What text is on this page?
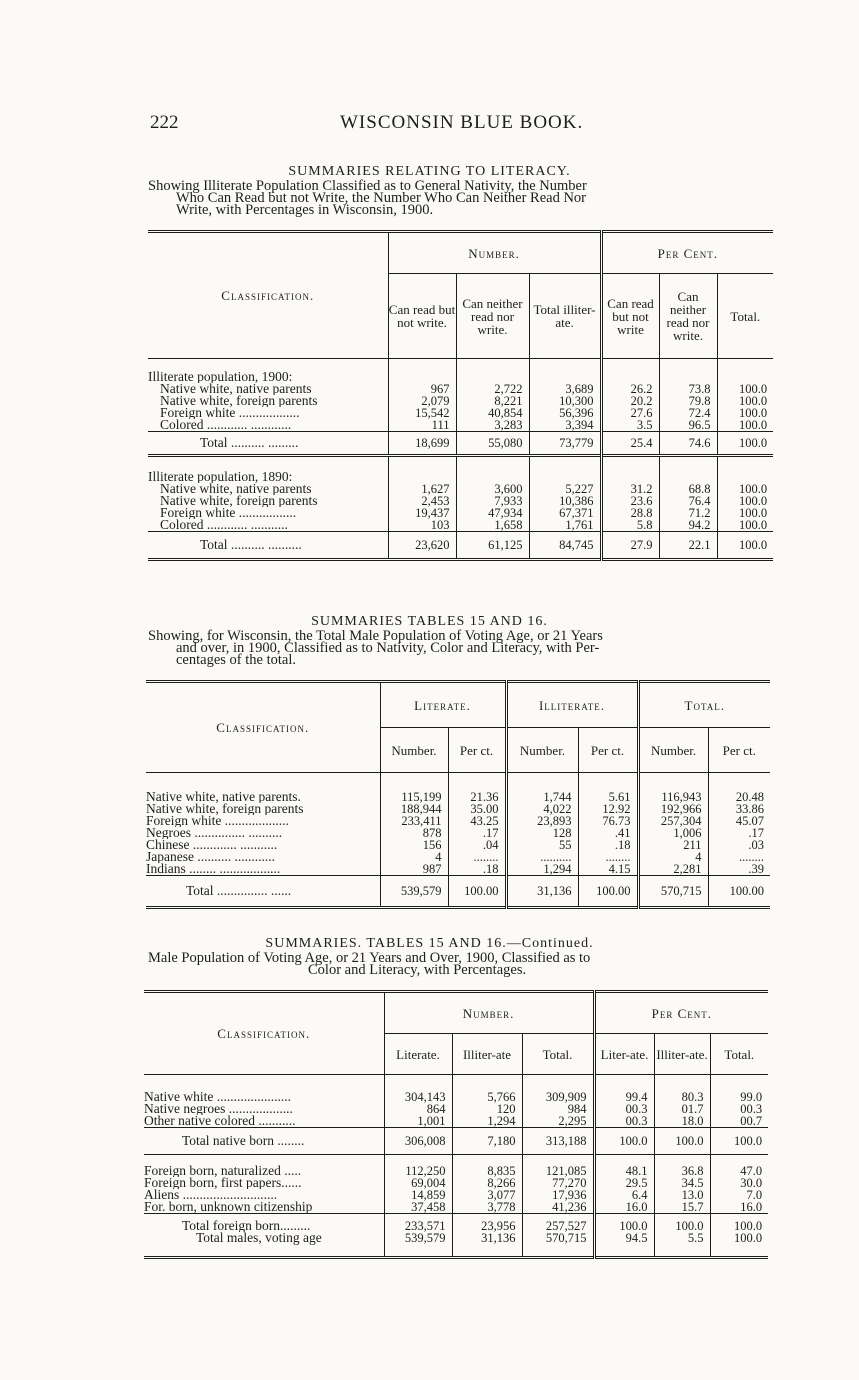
222	WISCONSIN BLUE BOOK.
SUMMARIES RELATING TO LITERACY.
Showing Illiterate Population Classified as to General Nativity, the Number
Who Can Read but not Write, the Number Who Can Neither Read Nor
Write, with Percentages in Wisconsin, 1900.
Classification.	Number.			Per Cent.		
	Can read but not write.	Can neither read nor write.	Total illiter-ate.	Can read but not write	Can neither read nor write.	Total.
Illiterate population, 1900:						
Native white, native parents	967	2,722	3,689	26.2	73.8	100.0
Native white, foreign parents	2,079	8,221	10,300	20.2	79.8	100.0
Foreign white ..................	15,542	40,854	56,396	27.6	72.4	100.0
Colored ............ ............	111	3,283	3,394	3.5	96.5	100.0
Total .......... .........	18,699	55,080	73,779	25.4	74.6	100.0
Illiterate population, 1890:						
Native white, native parents	1,627	3,600	5,227	31.2	68.8	100.0
Native white, foreign parents	2,453	7,933	10,386	23.6	76.4	100.0
Foreign white .................	19,437	47,934	67,371	28.8	71.2	100.0
Colored ............ ...........	103	1,658	1,761	5.8	94.2	100.0
Total .......... ..........	23,620	61,125	84,745	27.9	22.1	100.0
SUMMARIES TABLES 15 AND 16.
Showing, for Wisconsin, the Total Male Population of Voting Age, or 21 Years
and over, in 1900, Classified as to Nativity, Color and Literacy, with Per-
centages of the total.
Classification.	Literate.		Illiterate.		Total.	
	Number.	Per ct.	Number.	Per ct.	Number.	Per ct.
Native white, native parents.	115,199	21.36	1,744	5.61	116,943	20.48
Native white, foreign parents	188,944	35.00	4,022	12.92	192,966	33.86
Foreign white ...................	233,411	43.25	23,893	76.73	257,304	45.07
Negroes ............... ..........	878	.17	128	.41	1,006	.17
Chinese ............. ...........	156	.04	55	.18	211	.03
Japanese .......... ............	4	........	..........	........	4	........
Indians ........ ..................	987	.18	1,294	4.15	2,281	.39
Total ............... ......	539,579	100.00	31,136	100.00	570,715	100.00
SUMMARIES. TABLES 15 AND 16.—Continued.
Male Population of Voting Age, or 21 Years and Over, 1900, Classified as to
Color and Literacy, with Percentages.
Classification.	Number.			Per Cent.		
	Literate.	Illiter-ate	Total.	Liter-ate.	Illiter-ate.	Total.
Native white ......................	304,143	5,766	309,909	99.4	80.3	99.0
Native negroes ...................	864	120	984	00.3	01.7	00.3
Other native colored ...........	1,001	1,294	2,295	00.3	18.0	00.7
Total native born ........	306,008	7,180	313,188	100.0	100.0	100.0
Foreign born, naturalized .....	112,250	8,835	121,085	48.1	36.8	47.0
Foreign born, first papers......	69,004	8,266	77,270	29.5	34.5	30.0
Aliens ............................	14,859	3,077	17,936	6.4	13.0	7.0
For. born, unknown citizenship	37,458	3,778	41,236	16.0	15.7	16.0
Total foreign born.........	233,571	23,956	257,527	100.0	100.0	100.0
Total males, voting age	539,579	31,136	570,715	94.5	5.5	100.0
